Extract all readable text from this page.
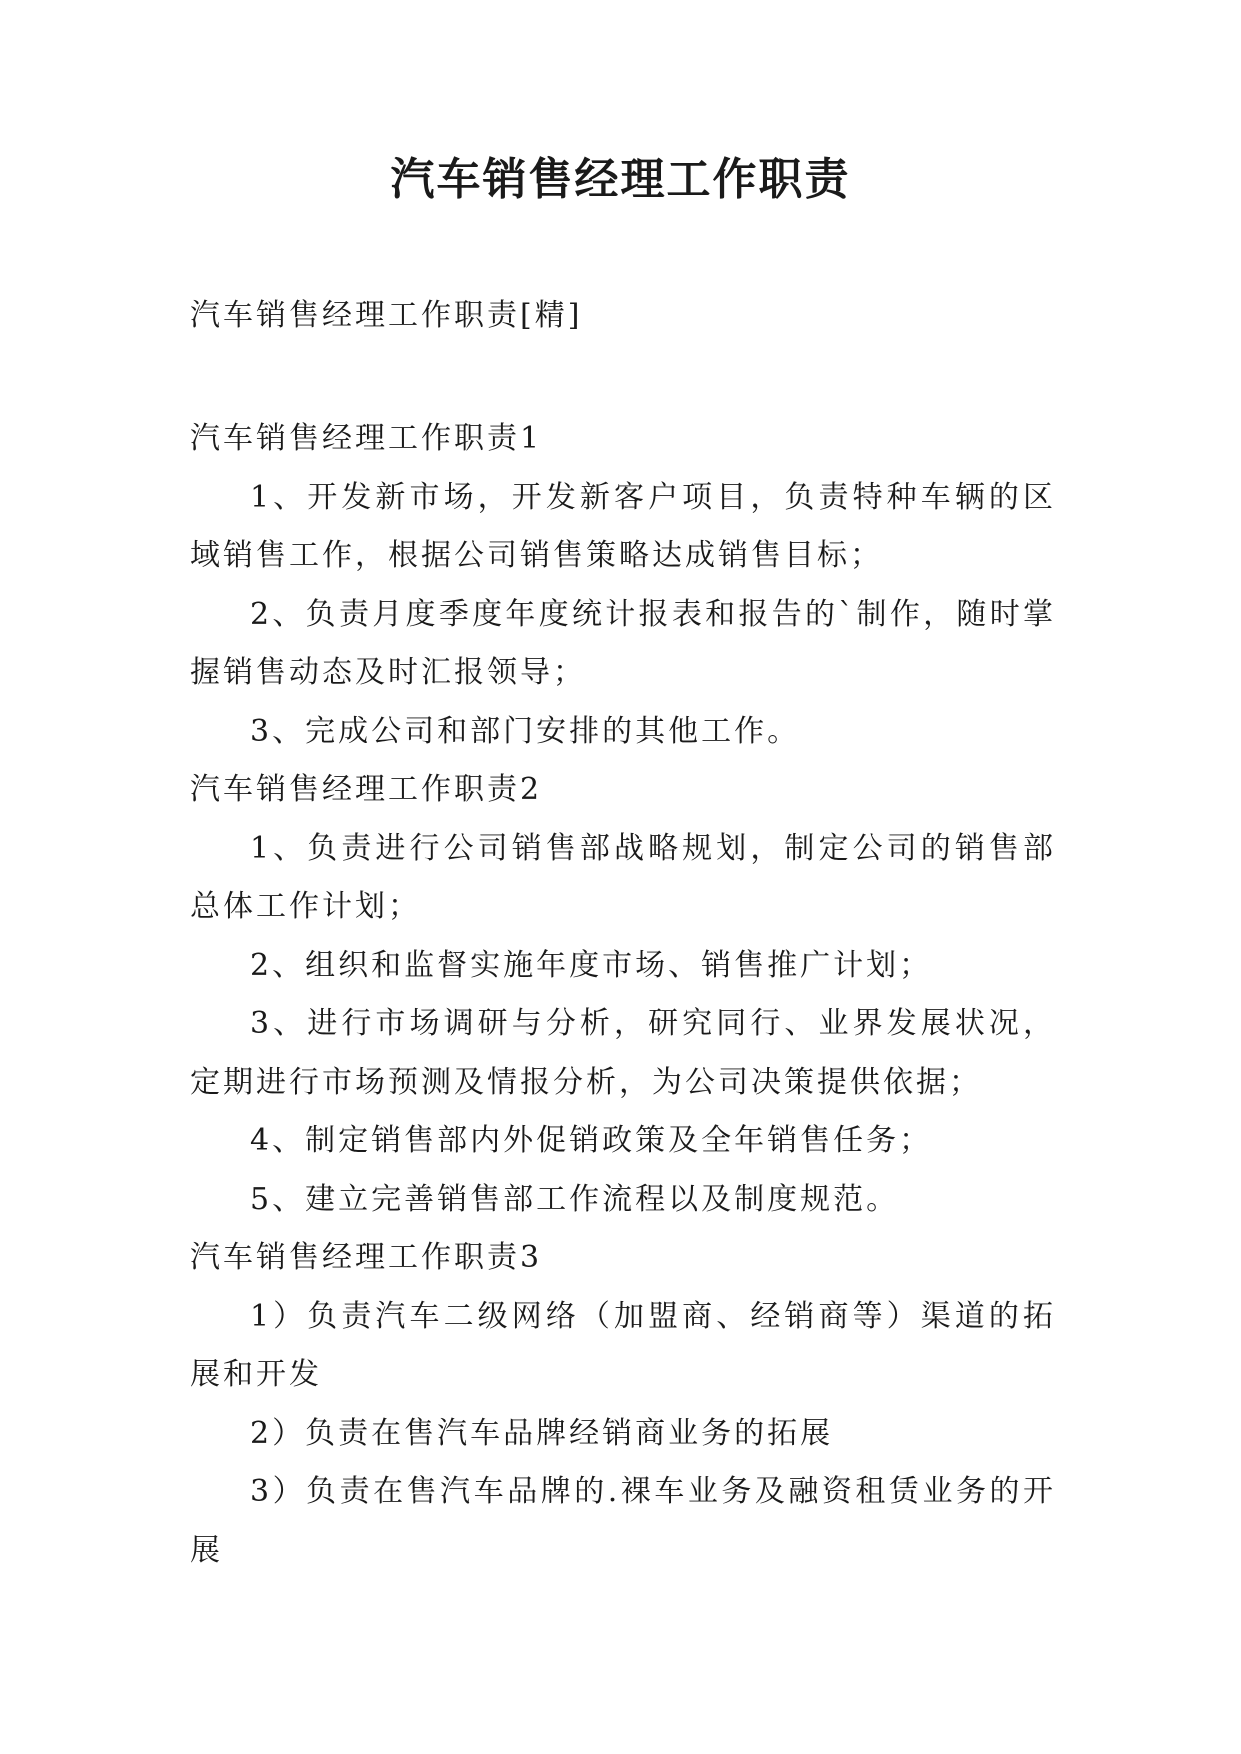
汽车销售经理工作职责
汽车销售经理工作职责[精]

汽车销售经理工作职责1

1、开发新市场，开发新客户项目，负责特种车辆的区域销售工作，根据公司销售策略达成销售目标；

2、负责月度季度年度统计报表和报告的`制作，随时掌握销售动态及时汇报领导；

3、完成公司和部门安排的其他工作。

汽车销售经理工作职责2

1、负责进行公司销售部战略规划，制定公司的销售部总体工作计划；

2、组织和监督实施年度市场、销售推广计划；

3、进行市场调研与分析，研究同行、业界发展状况，定期进行市场预测及情报分析，为公司决策提供依据；

4、制定销售部内外促销政策及全年销售任务；

5、建立完善销售部工作流程以及制度规范。

汽车销售经理工作职责3

1）负责汽车二级网络（加盟商、经销商等）渠道的拓展和开发

2）负责在售汽车品牌经销商业务的拓展

3）负责在售汽车品牌的.裸车业务及融资租赁业务的开展
